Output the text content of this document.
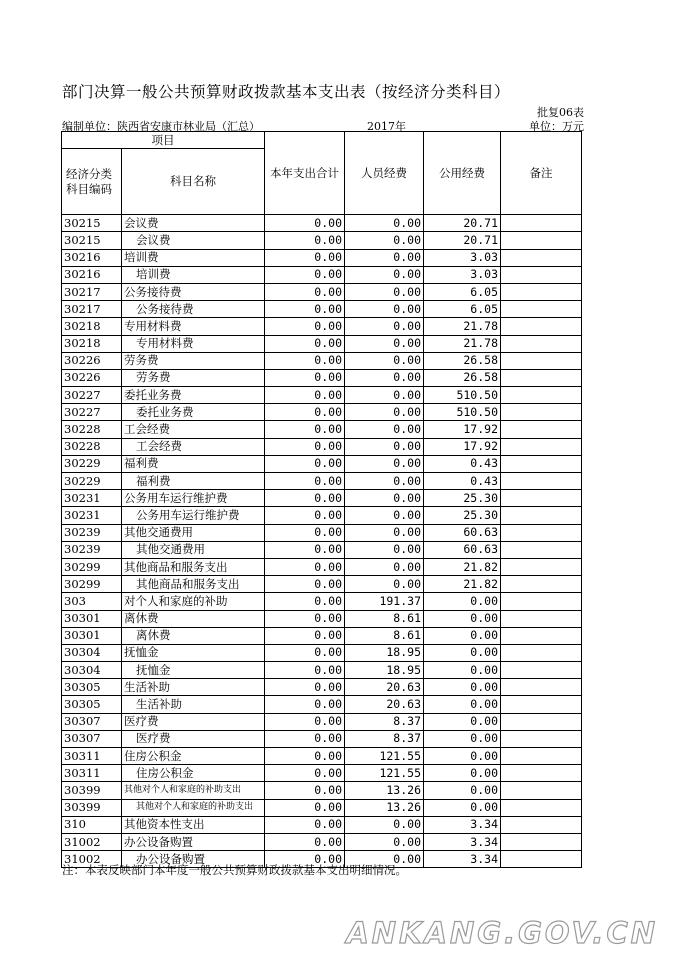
部门决算一般公共预算财政拨款基本支出表（按经济分类科目）
批复06表
编制单位：陕西省安康市林业局（汇总）	2017年	单位：万元
项目		本年支出合计	人员经费	公用经费	备注
经济分类科目编码	科目名称				
30215	会议费	0.00	0.00	20.71	
30215	会议费	0.00	0.00	20.71	
30216	培训费	0.00	0.00	3.03	
30216	培训费	0.00	0.00	3.03	
30217	公务接待费	0.00	0.00	6.05	
30217	公务接待费	0.00	0.00	6.05	
30218	专用材料费	0.00	0.00	21.78	
30218	专用材料费	0.00	0.00	21.78	
30226	劳务费	0.00	0.00	26.58	
30226	劳务费	0.00	0.00	26.58	
30227	委托业务费	0.00	0.00	510.50	
30227	委托业务费	0.00	0.00	510.50	
30228	工会经费	0.00	0.00	17.92	
30228	工会经费	0.00	0.00	17.92	
30229	福利费	0.00	0.00	0.43	
30229	福利费	0.00	0.00	0.43	
30231	公务用车运行维护费	0.00	0.00	25.30	
30231	公务用车运行维护费	0.00	0.00	25.30	
30239	其他交通费用	0.00	0.00	60.63	
30239	其他交通费用	0.00	0.00	60.63	
30299	其他商品和服务支出	0.00	0.00	21.82	
30299	其他商品和服务支出	0.00	0.00	21.82	
303	对个人和家庭的补助	0.00	191.37	0.00	
30301	离休费	0.00	8.61	0.00	
30301	离休费	0.00	8.61	0.00	
30304	抚恤金	0.00	18.95	0.00	
30304	抚恤金	0.00	18.95	0.00	
30305	生活补助	0.00	20.63	0.00	
30305	生活补助	0.00	20.63	0.00	
30307	医疗费	0.00	8.37	0.00	
30307	医疗费	0.00	8.37	0.00	
30311	住房公积金	0.00	121.55	0.00	
30311	住房公积金	0.00	121.55	0.00	
30399	其他对个人和家庭的补助支出	0.00	13.26	0.00	
30399	其他对个人和家庭的补助支出	0.00	13.26	0.00	
310	其他资本性支出	0.00	0.00	3.34	
31002	办公设备购置	0.00	0.00	3.34	
31002	办公设备购置	0.00	0.00	3.34	
注：本表反映部门本年度一般公共预算财政拨款基本支出明细情况。
ANKANG.GOV.CN
